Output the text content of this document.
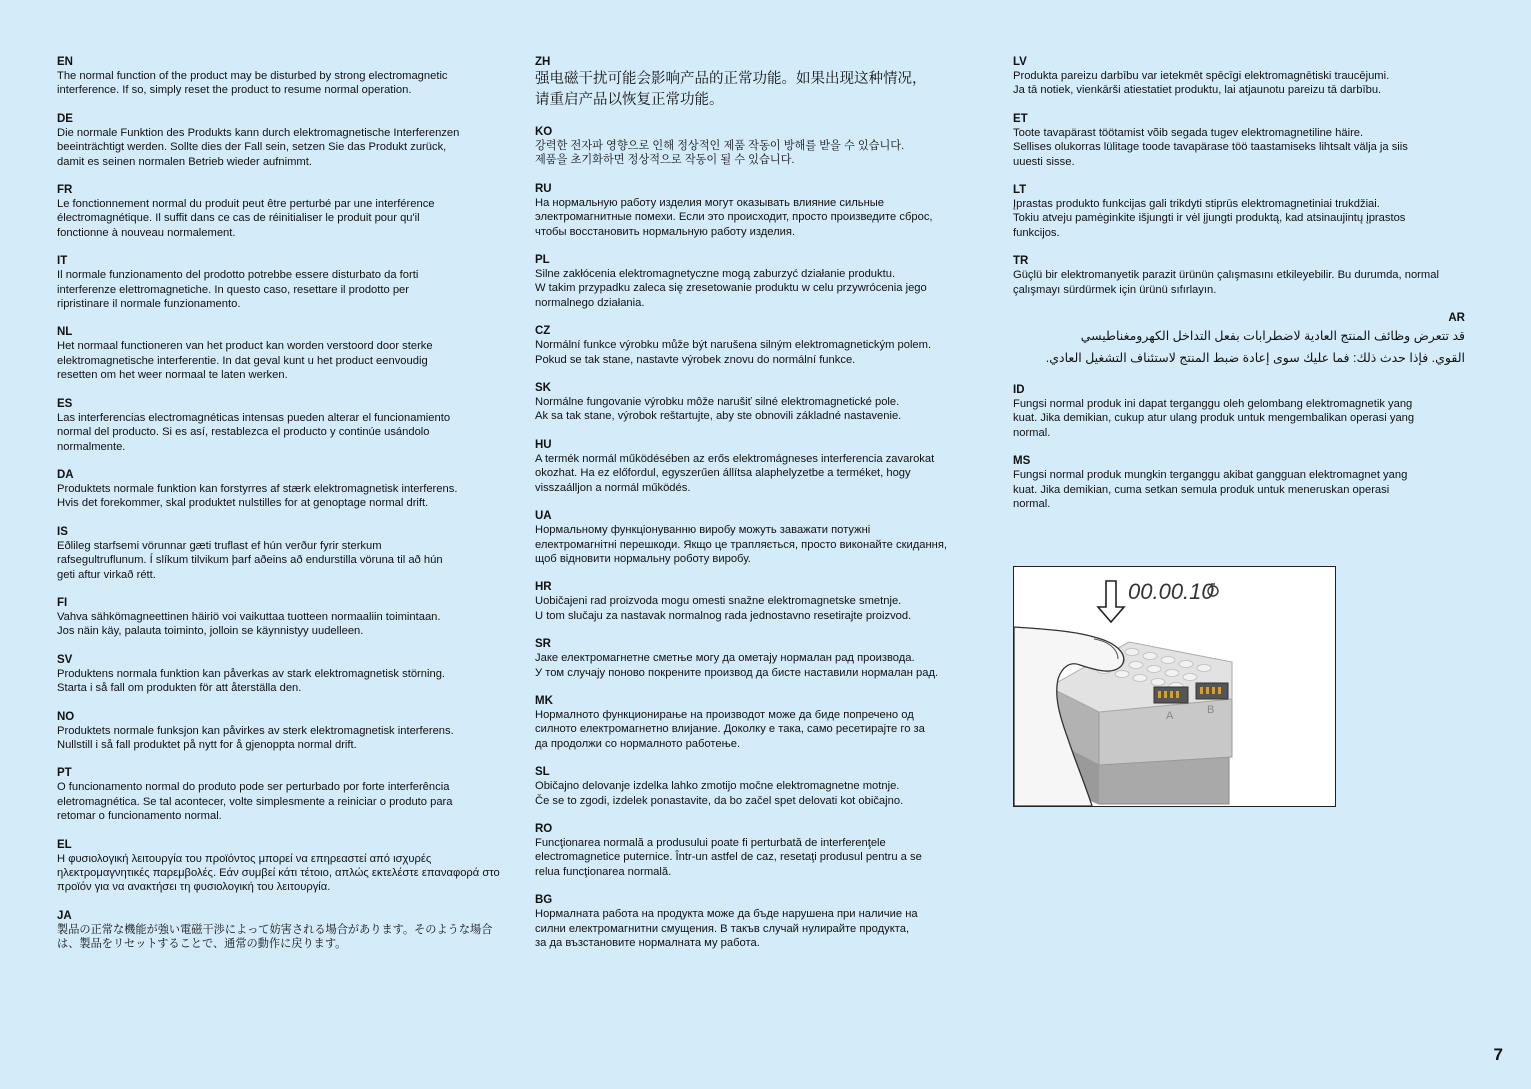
EN
The normal function of the product may be disturbed by strong electromagnetic
interference. If so, simply reset the product to resume normal operation.
DE
Die normale Funktion des Produkts kann durch elektromagnetische Interferenzen
beeinträchtigt werden. Sollte dies der Fall sein, setzen Sie das Produkt zurück,
damit es seinen normalen Betrieb wieder aufnimmt.
FR
Le fonctionnement normal du produit peut être perturbé par une interférence
électromagnétique. Il suffit dans ce cas de réinitialiser le produit pour qu'il
fonctionne à nouveau normalement.
IT
Il normale funzionamento del prodotto potrebbe essere disturbato da forti
interferenze elettromagnetiche. In questo caso, resettare il prodotto per
ripristinare il normale funzionamento.
NL
Het normaal functioneren van het product kan worden verstoord door sterke
elektromagnetische interferentie. In dat geval kunt u het product eenvoudig
resetten om het weer normaal te laten werken.
ES
Las interferencias electromagnéticas intensas pueden alterar el funcionamiento
normal del producto. Si es así, restablezca el producto y continúe usándolo
normalmente.
DA
Produktets normale funktion kan forstyrres af stærk elektromagnetisk interferens.
Hvis det forekommer, skal produktet nulstilles for at genoptage normal drift.
IS
Eðlileg starfsemi vörunnar gæti truflast ef hún verður fyrir sterkum
rafsegultruflunum. Í slíkum tilvikum þarf aðeins að endurstilla vöruna til að hún
geti aftur virkað rétt.
FI
Vahva sähkömagneettinen häiriö voi vaikuttaa tuotteen normaaliin toimintaan.
Jos näin käy, palauta toiminto, jolloin se käynnistyy uudelleen.
SV
Produktens normala funktion kan påverkas av stark elektromagnetisk störning.
Starta i så fall om produkten för att återställa den.
NO
Produktets normale funksjon kan påvirkes av sterk elektromagnetisk interferens.
Nullstill i så fall produktet på nytt for å gjenoppta normal drift.
PT
O funcionamento normal do produto pode ser perturbado por forte interferência
eletromagnética. Se tal acontecer, volte simplesmente a reiniciar o produto para
retomar o funcionamento normal.
EL
Η φυσιολογική λειτουργία του προϊόντος μπορεί να επηρεαστεί από ισχυρές
ηλεκτρομαγνητικές παρεμβολές. Εάν συμβεί κάτι τέτοιο, απλώς εκτελέστε επαναφορά στο
προϊόν για να ανακτήσει τη φυσιολογική του λειτουργία.
JA
製品の正常な機能が強い電磁干渉によって妨害される場合があります。そのような場合
は、製品をリセットすることで、通常の動作に戻ります。
ZH
强电磁干扰可能会影响产品的正常功能。如果出现这种情况，
请重启产品以恢复正常功能。
KO
강력한 전자파 영향으로 인해 정상적인 제품 작동이 방해를 받을 수 있습니다.
제품을 초기화하면 정상적으로 작동이 될 수 있습니다.
RU
На нормальную работу изделия могут оказывать влияние сильные
электромагнитные помехи. Если это происходит, просто произведите сброс,
чтобы восстановить нормальную работу изделия.
PL
Silne zakłócenia elektromagnetyczne mogą zaburzyć działanie produktu.
W takim przypadku zaleca się zresetowanie produktu w celu przywrócenia jego
normalnego działania.
CZ
Normální funkce výrobku může být narušena silným elektromagnetickým polem.
Pokud se tak stane, nastavte výrobek znovu do normální funkce.
SK
Normálne fungovanie výrobku môže narušiť silné elektromagnetické pole.
Ak sa tak stane, výrobok reštartujte, aby ste obnovili základné nastavenie.
HU
A termék normál működésében az erős elektromágneses interferencia zavarokat
okozhat. Ha ez előfordul, egyszerűen állítsa alaphelyzetbe a terméket, hogy
visszaálljon a normál működés.
UA
Нормальному функціонуванню виробу можуть заважати потужні
електромагнітні перешкоди. Якщо це трапляється, просто виконайте скидання,
щоб відновити нормальну роботу виробу.
HR
Uobičajeni rad proizvoda mogu omesti snažne elektromagnetske smetnje.
U tom slučaju za nastavak normalnog rada jednostavno resetirajte proizvod.
SR
Јаке електромагнетне сметње могу да ометају нормалан рад производа.
У том случају поново покрените производ да бисте наставили нормалан рад.
MK
Нормалното функционирање на производот може да биде попречено од
силното електромагнетно влијание. Доколку е така, само ресетирајте го за
да продолжи со нормалното работење.
SL
Običajno delovanje izdelka lahko zmotijo močne elektromagnetne motnje.
Če se to zgodi, izdelek ponastavite, da bo začel spet delovati kot običajno.
RO
Funcţionarea normală a produsului poate fi perturbată de interferenţele
electromagnetice puternice. Într-un astfel de caz, resetaţi produsul pentru a se
relua funcţionarea normală.
BG
Нормалната работа на продукта може да бъде нарушена при наличие на
силни електромагнитни смущения. В такъв случай нулирайте продукта,
за да възстановите нормалната му работа.
LV
Produkta pareizu darbību var ietekmēt spēcīgi elektromagnētiski traucējumi.
Ja tā notiek, vienkārši atiestatiet produktu, lai atjaunotu pareizu tā darbību.
ET
Toote tavapärast töötamist võib segada tugev elektromagnetiline häire.
Sellises olukorras lülitage toode tavapärase töö taastamiseks lihtsalt välja ja siis
uuesti sisse.
LT
Įprastas produkto funkcijas gali trikdyti stiprūs elektromagnetiniai trukdžiai.
Tokiu atveju pamėginkite išjungti ir vėl įjungti produktą, kad atsinaujintų įprastos
funkcijos.
TR
Güçlü bir elektromanyetik parazit ürünün çalışmasını etkileyebilir. Bu durumda, normal
çalışmayı sürdürmek için ürünü sıfırlayın.
AR
قد تتعرض وظائف المنتج العادية لاضطرابات بفعل التداخل الكهرومغناطيسي
القوي. فإذا حدث ذلك: فما عليك سوى إعادة ضبط المنتج لاستئناف التشغيل العادي.
ID
Fungsi normal produk ini dapat terganggu oleh gelombang elektromagnetik yang
kuat. Jika demikian, cukup atur ulang produk untuk mengembalikan operasi yang
normal.
MS
Fungsi normal produk mungkin terganggu akibat gangguan elektromagnet yang
kuat. Jika demikian, cuma setkan semula produk untuk meneruskan operasi
normal.
00.00.10
A	B
7
